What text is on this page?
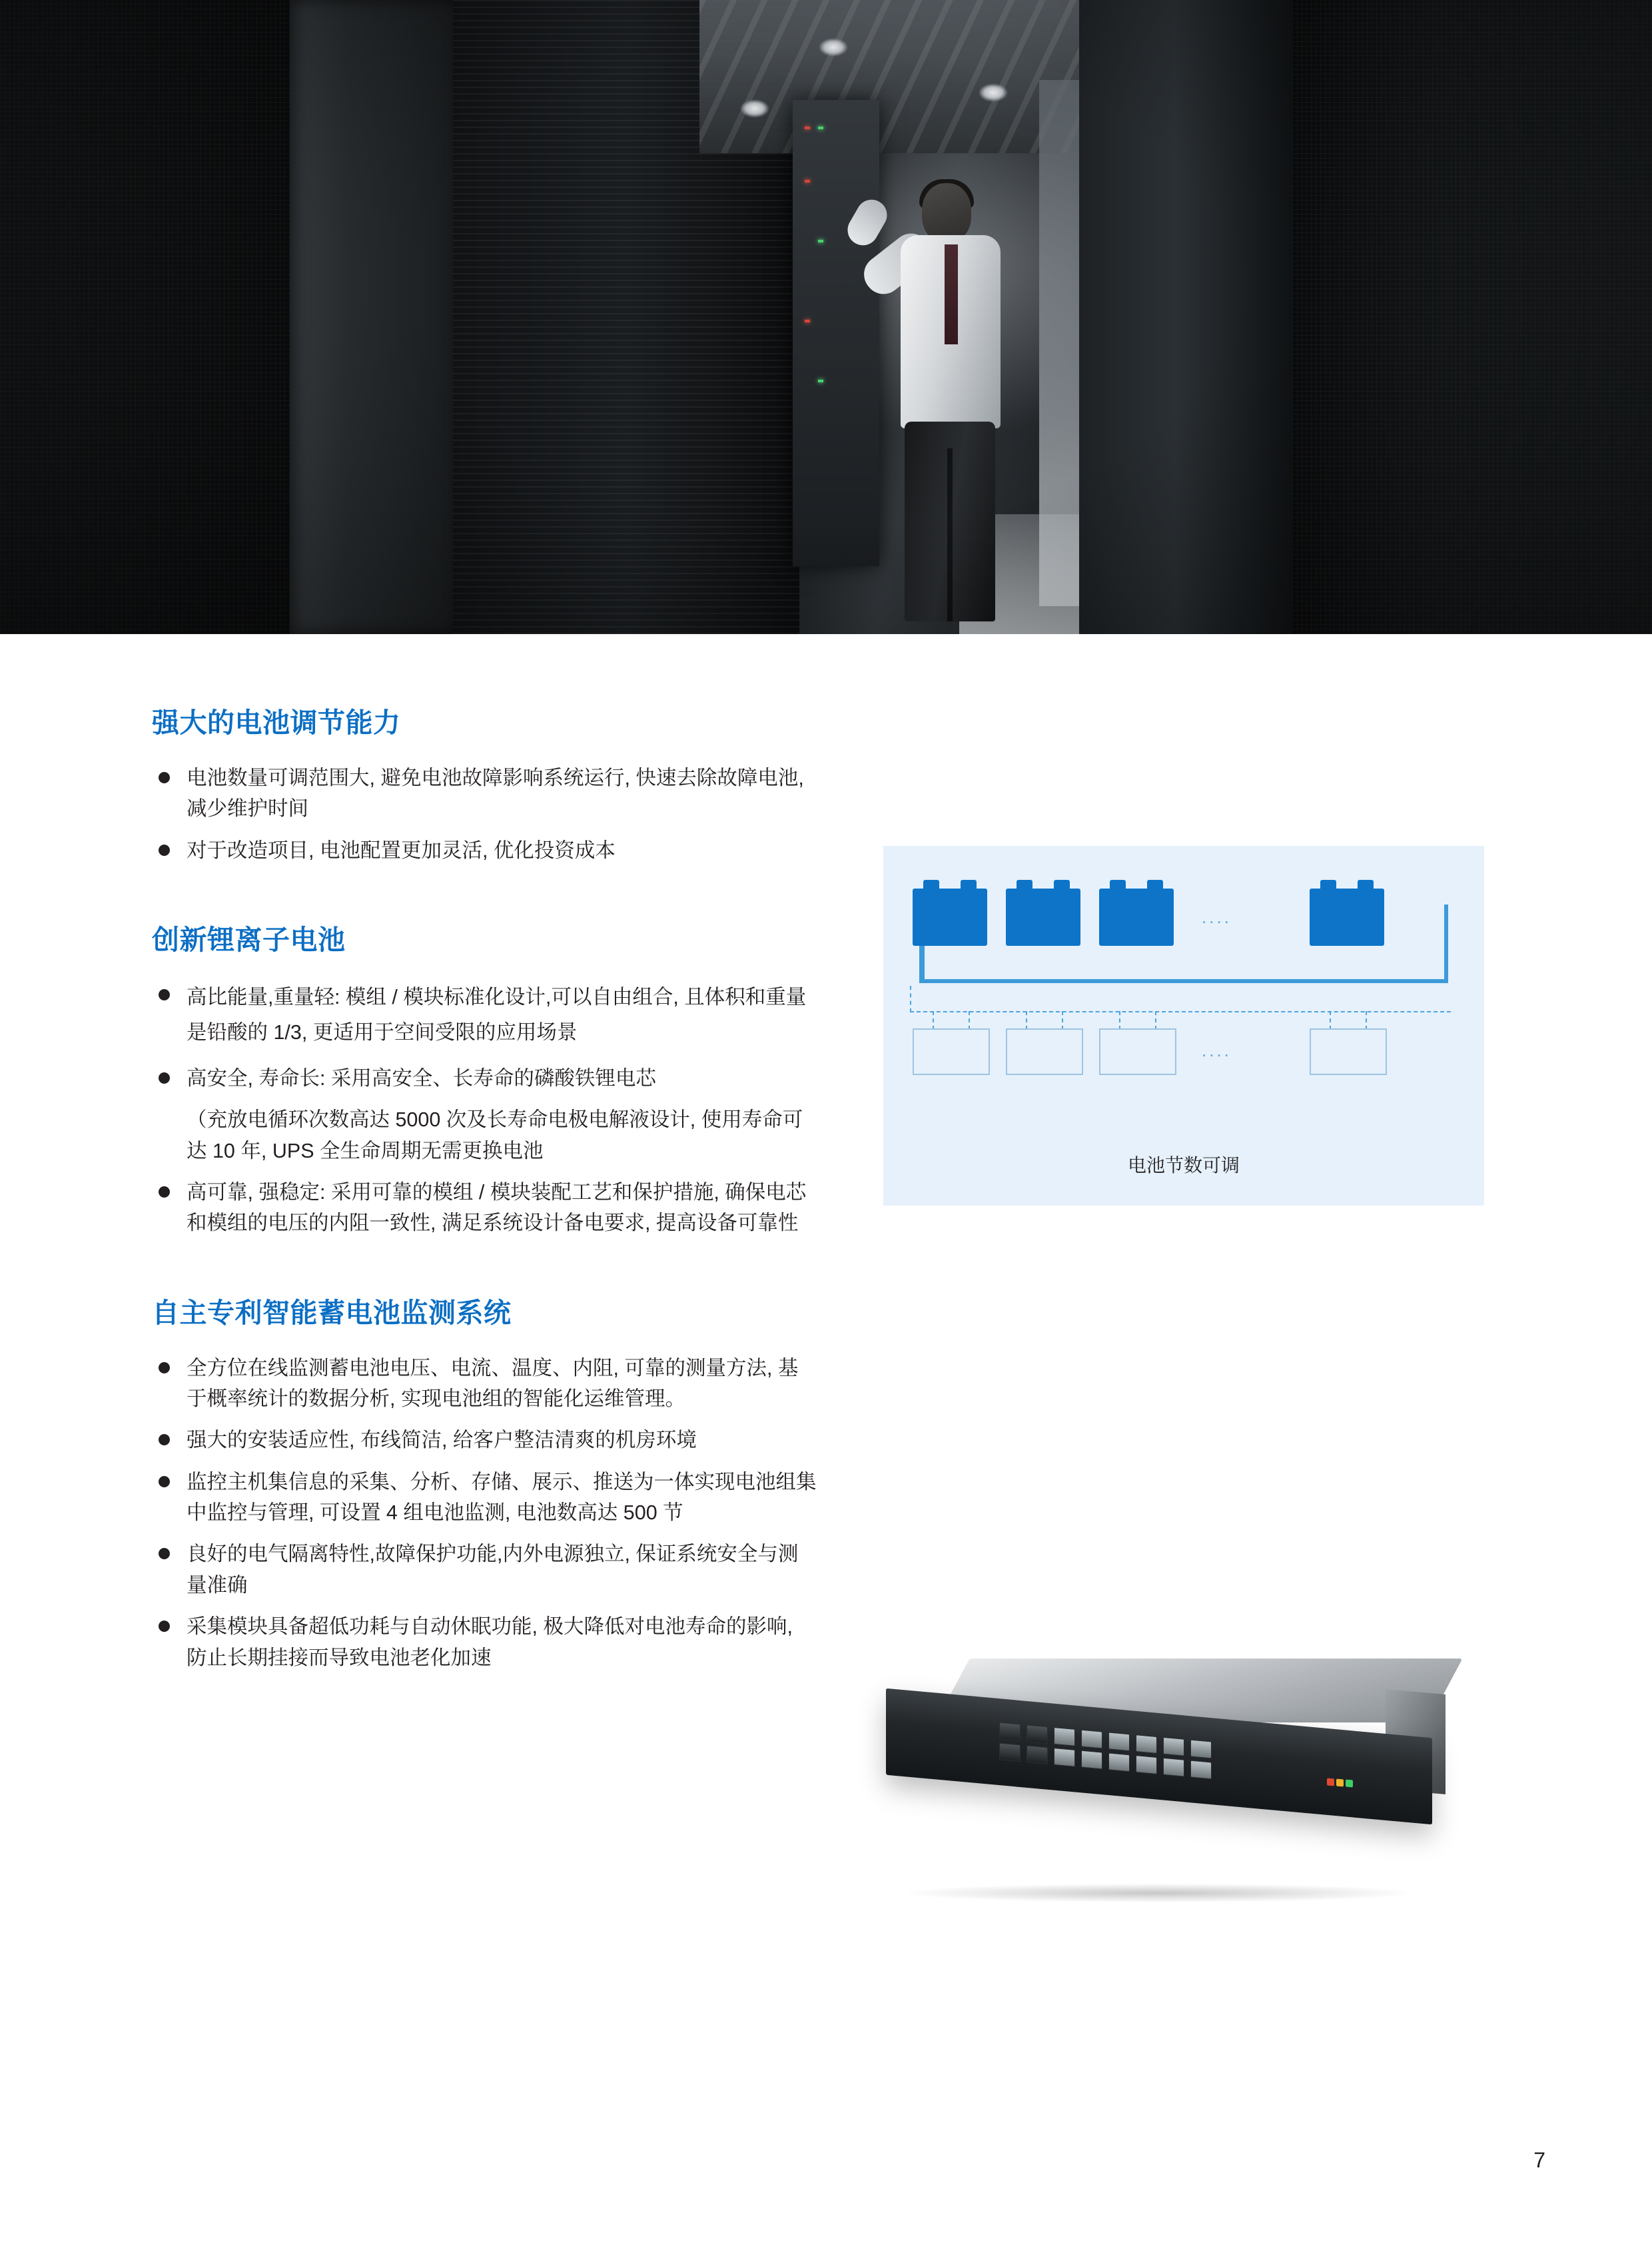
强大的电池调节能力
电池数量可调范围大, 避免电池故障影响系统运行, 快速去除故障电池, 减少维护时间
对于改造项目, 电池配置更加灵活, 优化投资成本
创新锂离子电池
高比能量,重量轻: 模组 / 模块标准化设计,可以自由组合, 且体积和重量是铅酸的 1/3, 更适用于空间受限的应用场景
高安全, 寿命长: 采用高安全、长寿命的磷酸铁锂电芯
（充放电循环次数高达 5000 次及长寿命电极电解液设计, 使用寿命可达 10 年, UPS 全生命周期无需更换电池
高可靠, 强稳定: 采用可靠的模组 / 模块装配工艺和保护措施, 确保电芯和模组的电压的内阻一致性, 满足系统设计备电要求, 提高设备可靠性
自主专利智能蓄电池监测系统
全方位在线监测蓄电池电压、电流、温度、内阻, 可靠的测量方法, 基于概率统计的数据分析, 实现电池组的智能化运维管理。
强大的安装适应性, 布线简洁, 给客户整洁清爽的机房环境
监控主机集信息的采集、分析、存储、展示、推送为一体实现电池组集中监控与管理, 可设置 4 组电池监测, 电池数高达 500 节
良好的电气隔离特性,故障保护功能,内外电源独立, 保证系统安全与测量准确
采集模块具备超低功耗与自动休眠功能, 极大降低对电池寿命的影响, 防止长期挂接而导致电池老化加速
....
....
电池节数可调
7
